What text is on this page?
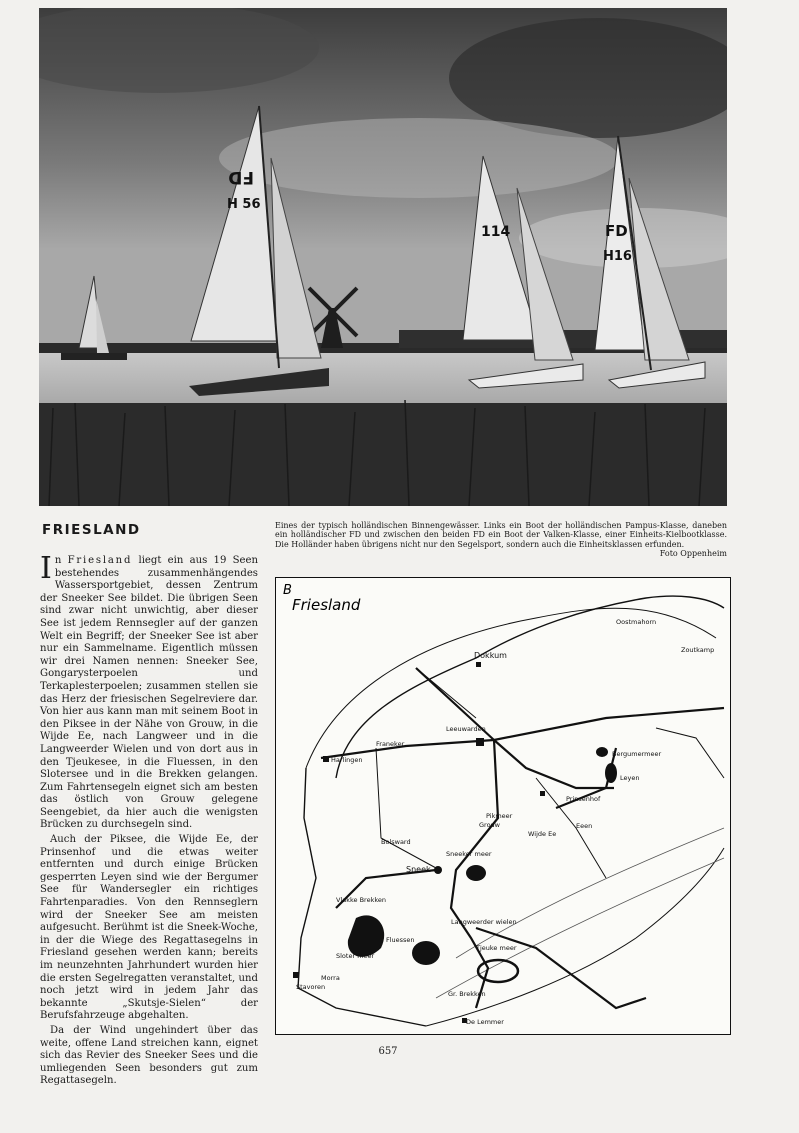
FD
H 56
114	FD
H16
FRIESLAND

In Friesland liegt ein aus 19 Seen bestehendes zusammenhängendes Wassersportgebiet, dessen Zentrum der Sneeker See bildet. Die übrigen Seen sind zwar nicht unwichtig, aber dieser See ist jedem Rennsegler auf der ganzen Welt ein Begriff; der Sneeker See ist aber nur ein Sammelname. Eigentlich müssen wir drei Namen nennen: Sneeker See, Gongarysterpoelen und Terkaplesterpoelen; zusammen stellen sie das Herz der friesischen Segelreviere dar. Von hier aus kann man mit seinem Boot in den Piksee in der Nähe von Grouw, in die Wijde Ee, nach Langweer und in die Langweerder Wielen und von dort aus in den Tjeukesee, in die Fluessen, in den Slotersee und in die Brekken gelangen. Zum Fahrtensegeln eignet sich am besten das östlich von Grouw gelegene Seengebiet, da hier auch die wenigsten Brücken zu durchsegeln sind.

Auch der Piksee, die Wijde Ee, der Prinsenhof und die etwas weiter entfernten und durch einige Brücken gesperrten Leyen sind wie der Bergumer See für Wandersegler ein richtiges Fahrtenparadies. Von den Rennseglern wird der Sneeker See am meisten aufgesucht. Berühmt ist die Sneek-Woche, in der die Wiege des Regattasegelns in Friesland gesehen werden kann; bereits im neunzehnten Jahrhundert wurden hier die ersten Segelregatten veranstaltet, und noch jetzt wird in jedem Jahr das bekannte „Skutsje-Sielen“ der Berufsfahrzeuge abgehalten.

Da der Wind ungehindert über das weite, offene Land streichen kann, eignet sich das Revier des Sneeker Sees und die umliegenden Seen besonders gut zum Regattasegeln.

Eines der typisch holländischen Binnengewässer. Links ein Boot der holländischen Pampus-Klasse, daneben ein holländischer FD und zwischen den beiden FD ein Boot der Valken-Klasse, einer Einheits-Kielbootklasse. Die Holländer haben übrigens nicht nur den Segelsport, sondern auch die Einheitsklassen erfunden.
Foto Oppenheim
B
Friesland
Oostmahorn
Zoutkamp
Dokkum
Leeuwarden
Harlingen
Franeker
Bergumermeer
Leyen
Prinsenhof
Pikmeer
Grouw
Wijde Ee
Eeen
Bolsward
Sneek
Sneeker meer
Vlakke Brekken
Langweerder wielen
Fluessen
Sloter meer
Tjeuke meer
Morra
Stavoren
Gr. Brekken
De Lemmer
657
